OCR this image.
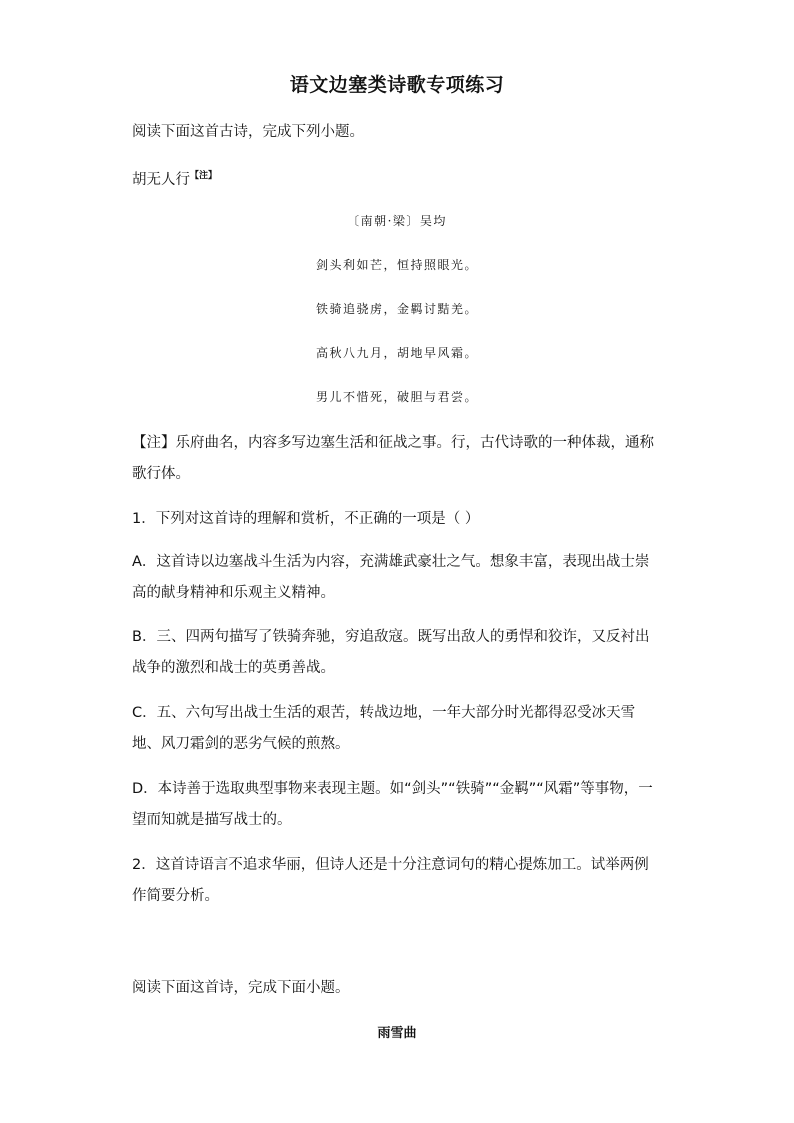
语文边塞类诗歌专项练习
阅读下面这首古诗，完成下列小题。
胡无人行$^{【注】}$
〔南朝·梁〕吴均
剑头利如芒，恒持照眼光。
铁骑追骁虏，金羁讨黠羌。
高秋八九月，胡地早风霜。
男儿不惜死，破胆与君尝。
【注】乐府曲名，内容多写边塞生活和征战之事。行，古代诗歌的一种体裁，通称歌行体。
1．下列对这首诗的理解和赏析，不正确的一项是（ ）
A．这首诗以边塞战斗生活为内容，充满雄武豪壮之气。想象丰富，表现出战士崇高的献身精神和乐观主义精神。
B．三、四两句描写了铁骑奔驰，穷追敌寇。既写出敌人的勇悍和狡诈，又反衬出战争的激烈和战士的英勇善战。
C．五、六句写出战士生活的艰苦，转战边地，一年大部分时光都得忍受冰天雪地、风刀霜剑的恶劣气候的煎熬。
D．本诗善于选取典型事物来表现主题。如“剑头”“铁骑”“金羁”“风霜”等事物，一望而知就是描写战士的。
2．这首诗语言不追求华丽，但诗人还是十分注意词句的精心提炼加工。试举两例作简要分析。
阅读下面这首诗，完成下面小题。
雨雪曲
